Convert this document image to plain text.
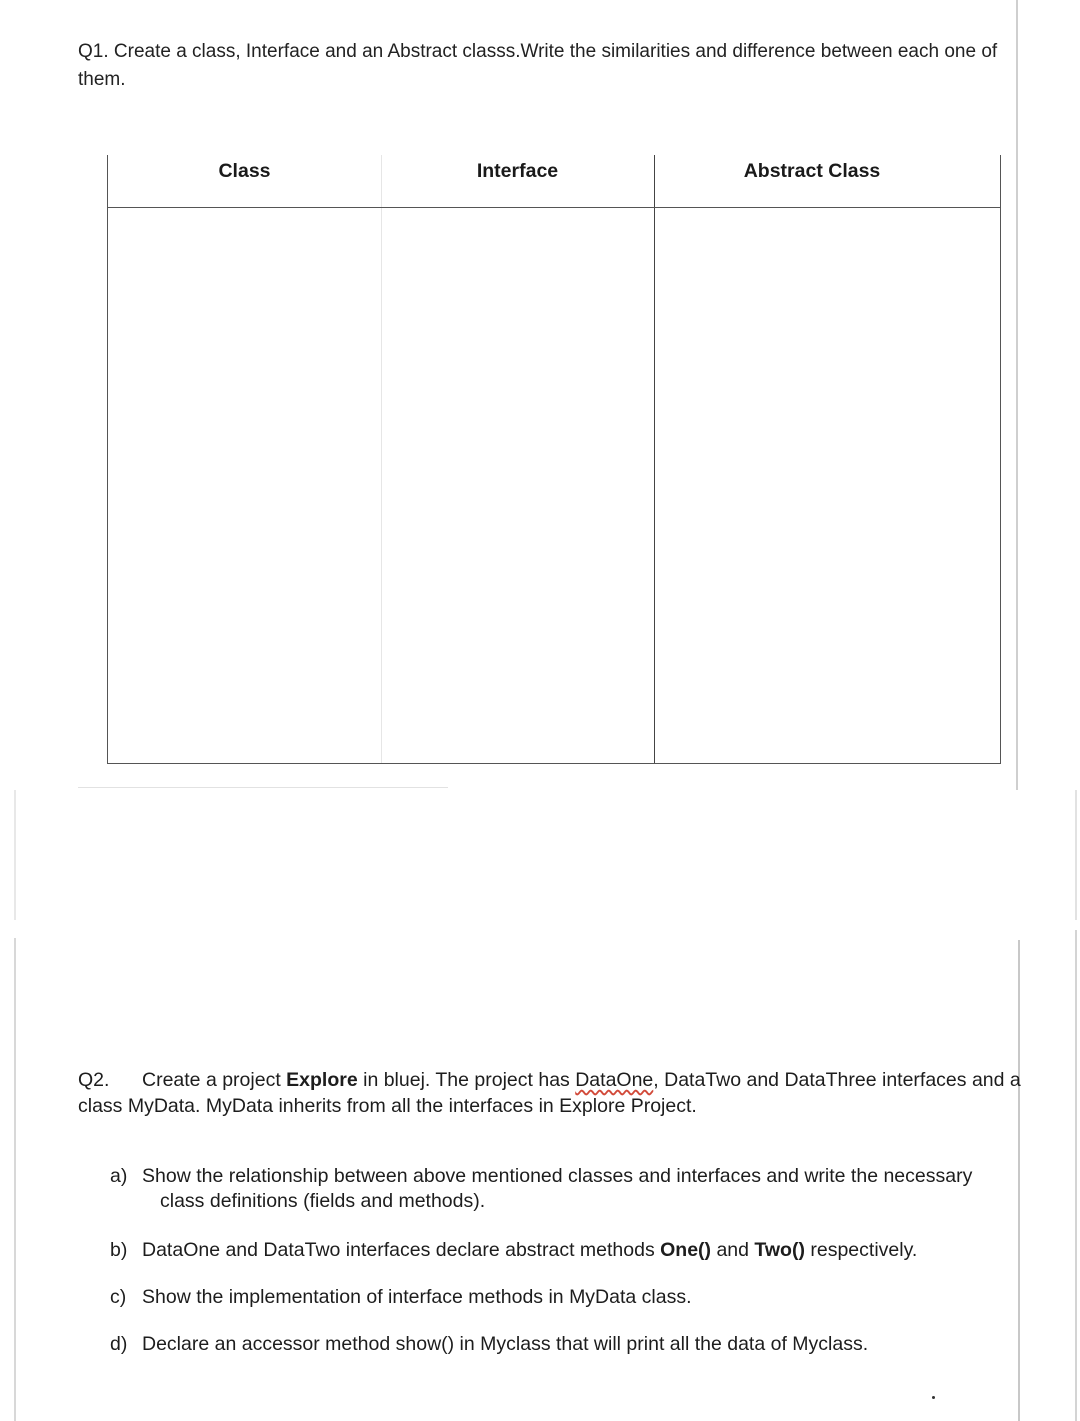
Q1. Create a class, Interface and an Abstract classs.Write the similarities and difference between each one of them.
Class	Interface	Abstract Class
Q2. Create a project Explore in bluej. The project has DataOne, DataTwo and DataThree interfaces and a class MyData. MyData inherits from all the interfaces in Explore Project.
a) Show the relationship between above mentioned classes and interfaces and write the necessary
class definitions (fields and methods).
b) DataOne and DataTwo interfaces declare abstract methods One() and Two() respectively.
c) Show the implementation of interface methods in MyData class.
d) Declare an accessor method show() in Myclass that will print all the data of Myclass.
